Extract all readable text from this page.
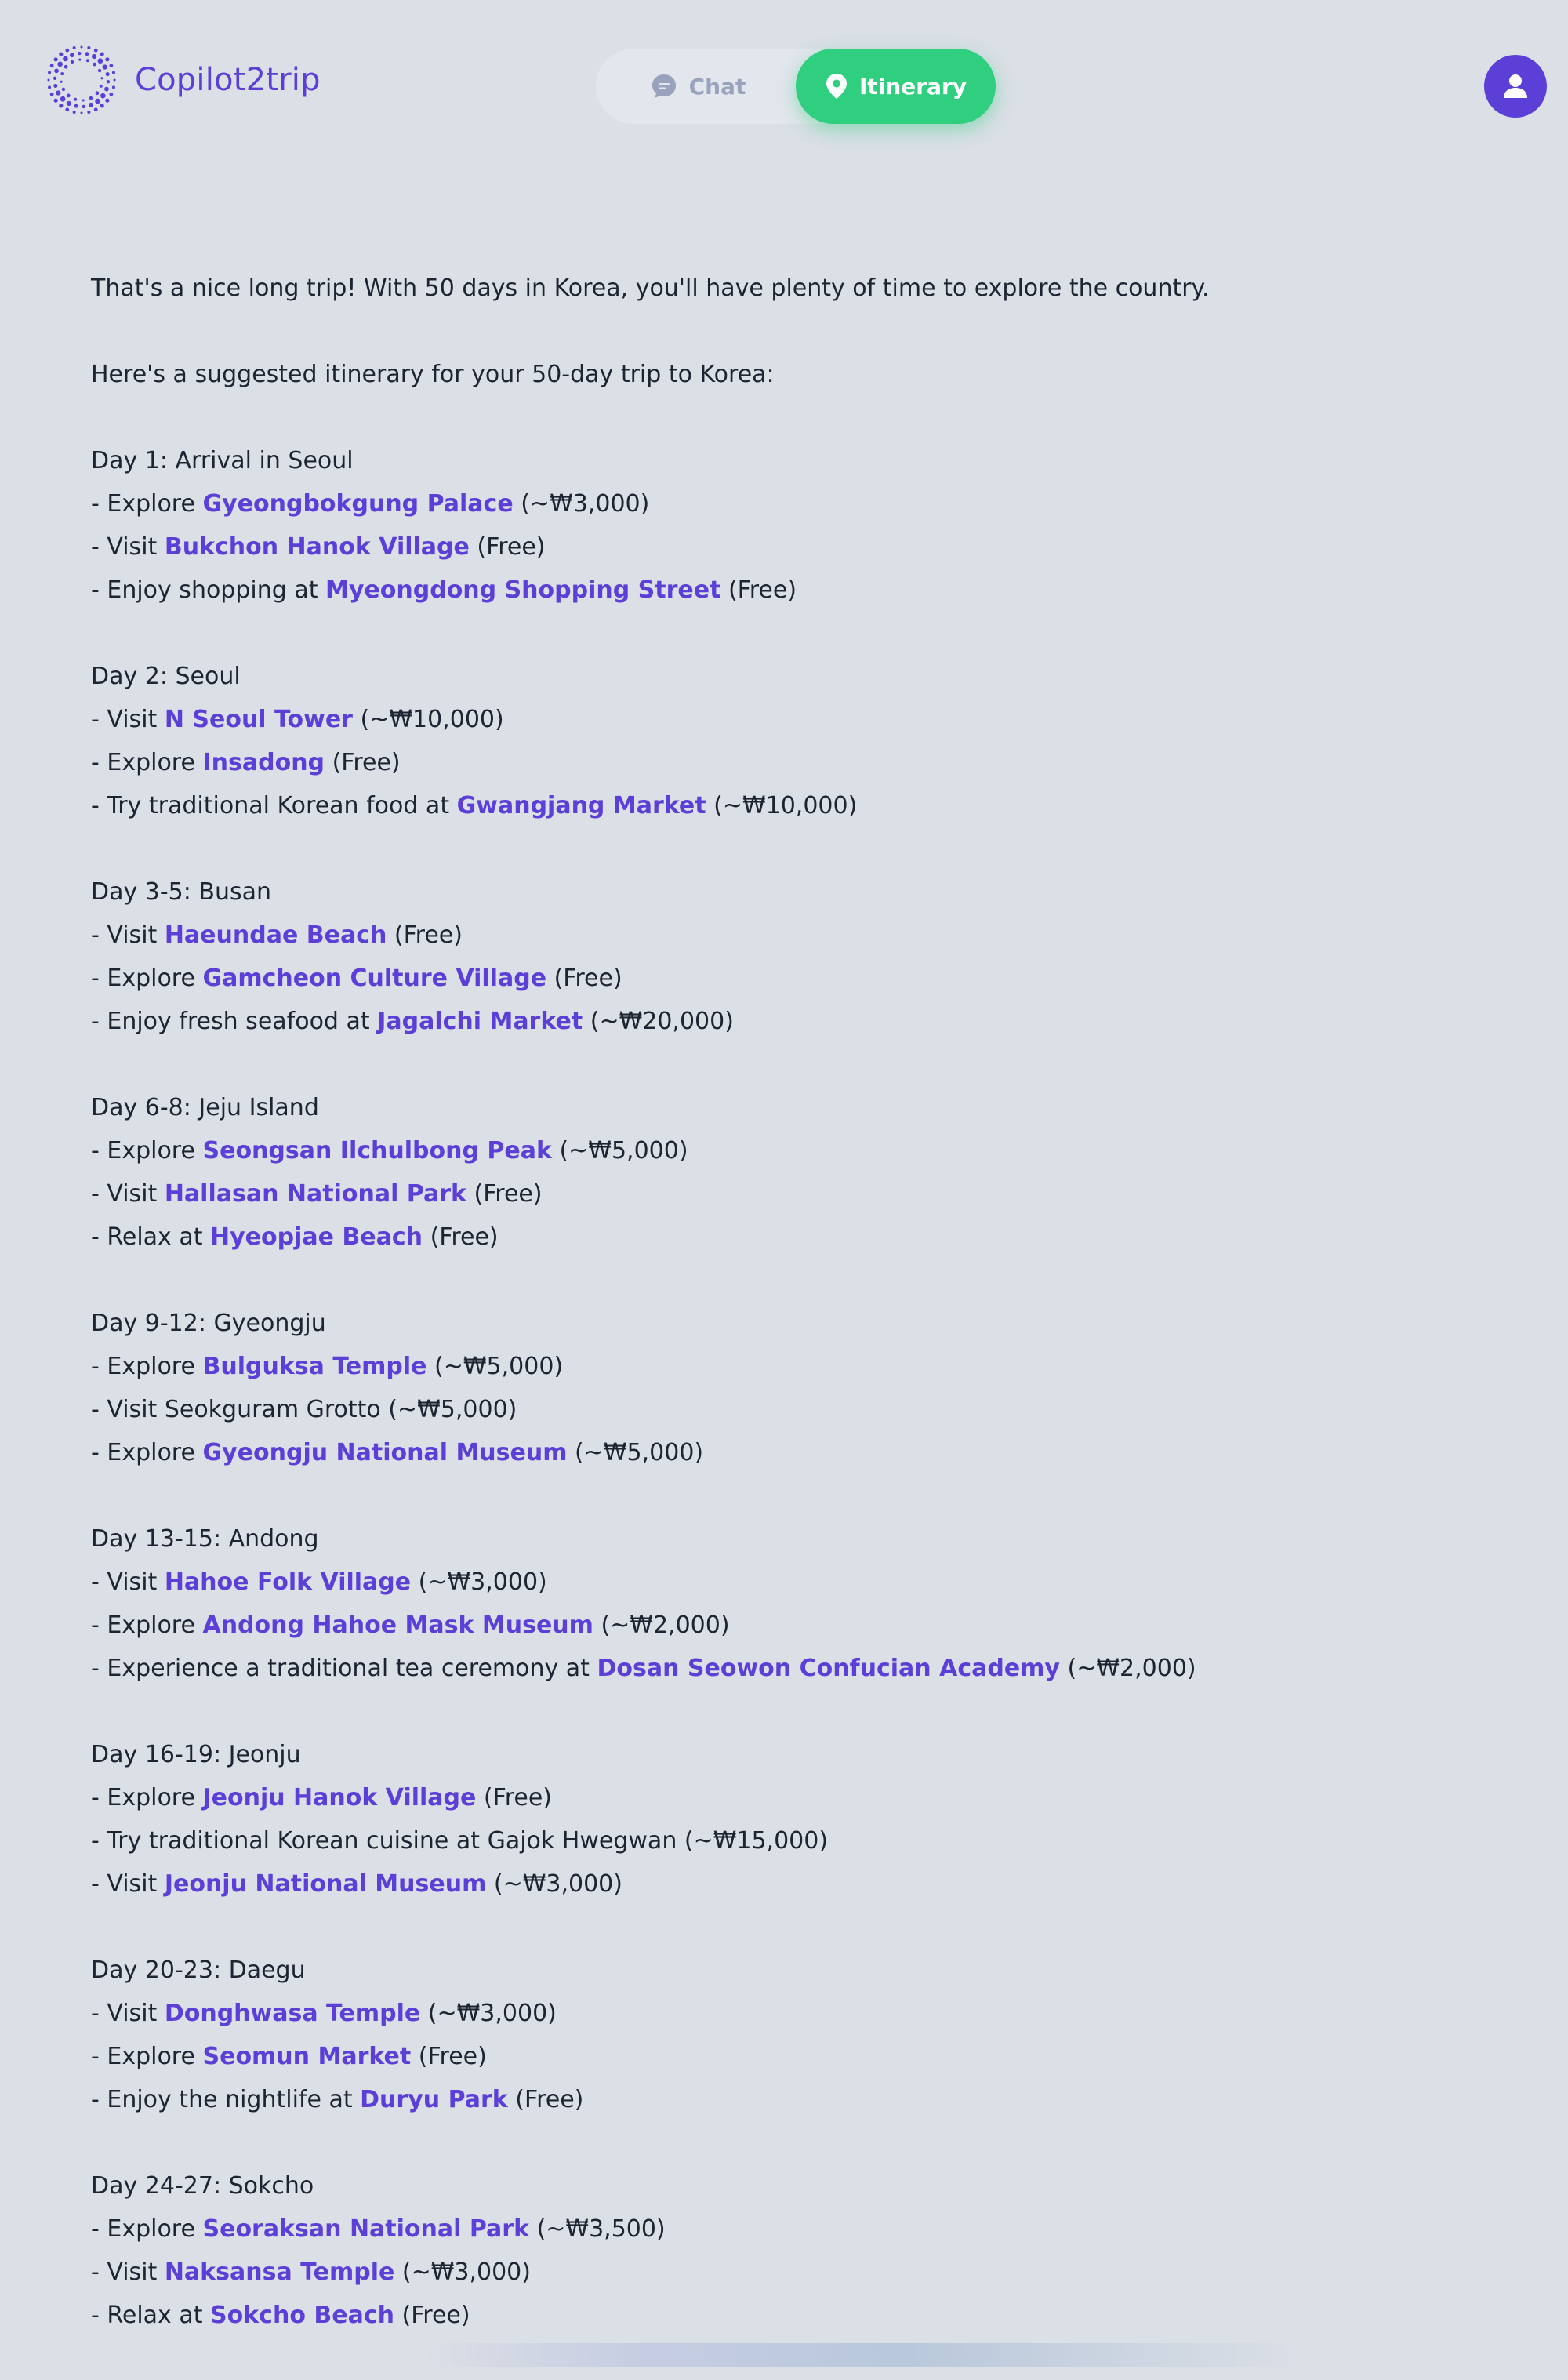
Copilot2trip	Chat	Itinerary

That's a nice long trip! With 50 days in Korea, you'll have plenty of time to explore the country.

Here's a suggested itinerary for your 50-day trip to Korea:

Day 1: Arrival in Seoul

- Explore Gyeongbokgung Palace (~₩3,000)

- Visit Bukchon Hanok Village (Free)

- Enjoy shopping at Myeongdong Shopping Street (Free)

Day 2: Seoul

- Visit N Seoul Tower (~₩10,000)

- Explore Insadong (Free)

- Try traditional Korean food at Gwangjang Market (~₩10,000)

Day 3-5: Busan

- Visit Haeundae Beach (Free)

- Explore Gamcheon Culture Village (Free)

- Enjoy fresh seafood at Jagalchi Market (~₩20,000)

Day 6-8: Jeju Island

- Explore Seongsan Ilchulbong Peak (~₩5,000)

- Visit Hallasan National Park (Free)

- Relax at Hyeopjae Beach (Free)

Day 9-12: Gyeongju

- Explore Bulguksa Temple (~₩5,000)

- Visit Seokguram Grotto (~₩5,000)

- Explore Gyeongju National Museum (~₩5,000)

Day 13-15: Andong

- Visit Hahoe Folk Village (~₩3,000)

- Explore Andong Hahoe Mask Museum (~₩2,000)

- Experience a traditional tea ceremony at Dosan Seowon Confucian Academy (~₩2,000)

Day 16-19: Jeonju

- Explore Jeonju Hanok Village (Free)

- Try traditional Korean cuisine at Gajok Hwegwan (~₩15,000)

- Visit Jeonju National Museum (~₩3,000)

Day 20-23: Daegu

- Visit Donghwasa Temple (~₩3,000)

- Explore Seomun Market (Free)

- Enjoy the nightlife at Duryu Park (Free)

Day 24-27: Sokcho

- Explore Seoraksan National Park (~₩3,500)

- Visit Naksansa Temple (~₩3,000)

- Relax at Sokcho Beach (Free)
